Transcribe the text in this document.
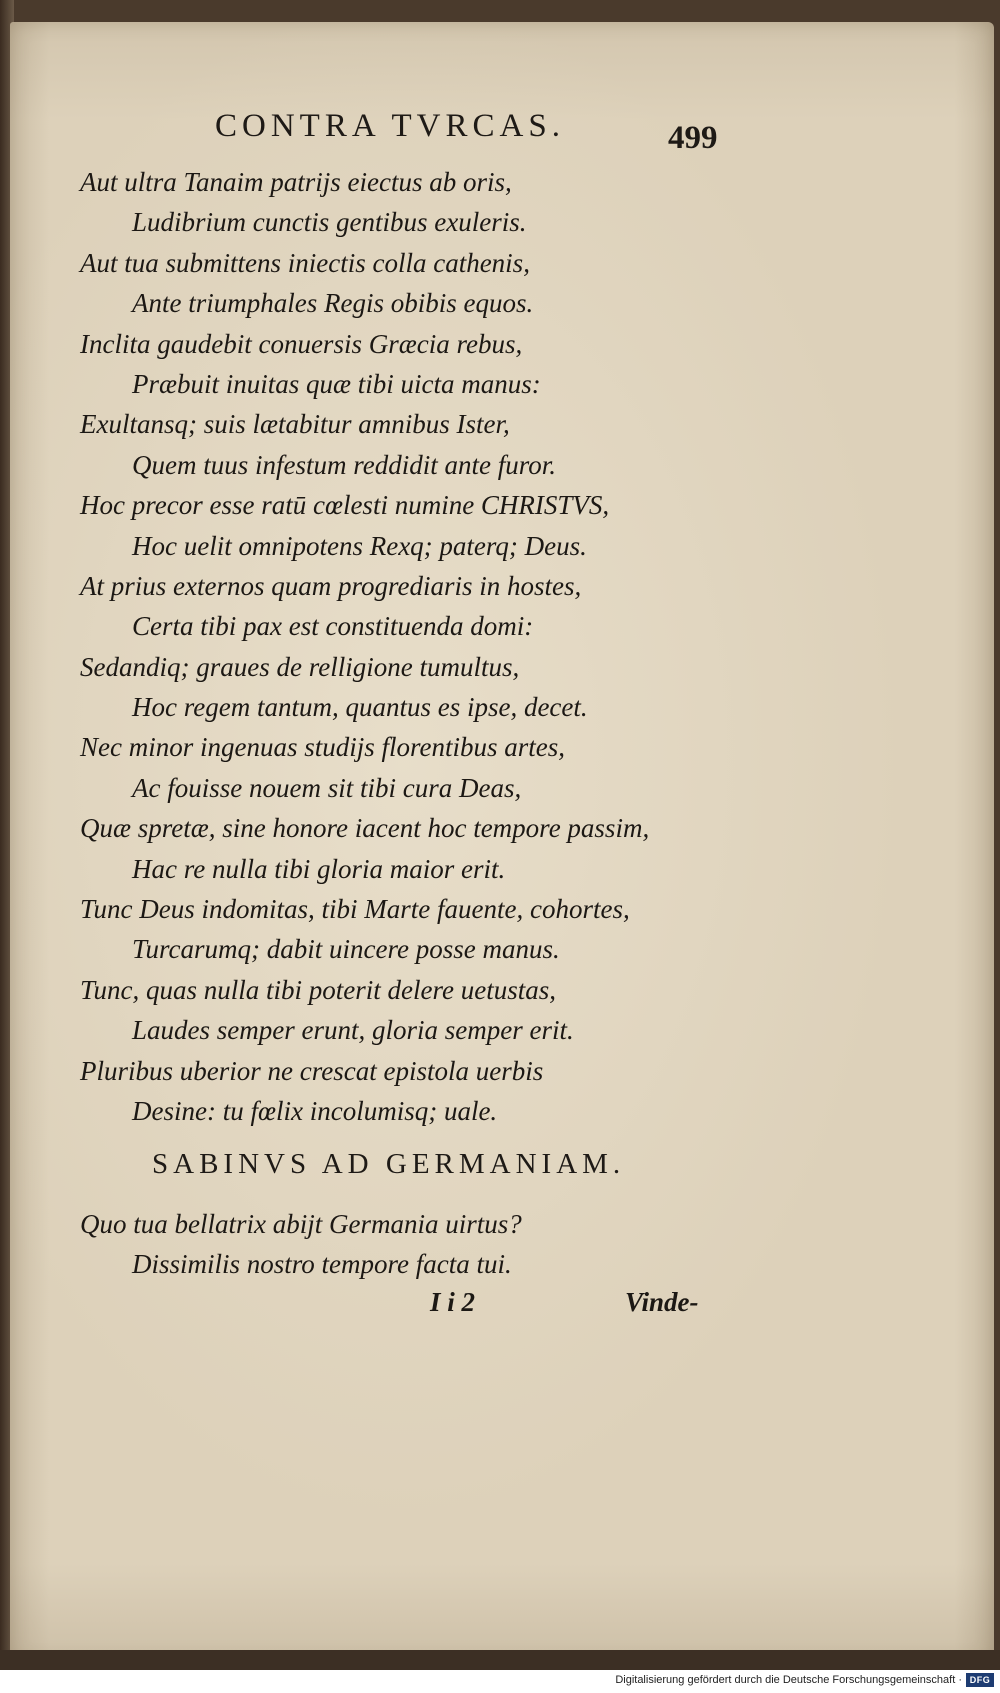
CONTRA TVRCAS.	499
Aut ultra Tanaim patrijs eiectus ab oris,
Ludibrium cunctis gentibus exuleris.
Aut tua submittens iniectis colla cathenis,
Ante triumphales Regis obibis equos.
Inclita gaudebit conuersis Græcia rebus,
Præbuit inuitas quæ tibi uicta manus:
Exultansq; suis lætabitur amnibus Ister,
Quem tuus infestum reddidit ante furor.
Hoc precor esse ratū cœlesti numine CHRISTVS,
Hoc uelit omnipotens Rexq; paterq; Deus.
At prius externos quam progrediaris in hostes,
Certa tibi pax est constituenda domi:
Sedandiq; graues de relligione tumultus,
Hoc regem tantum, quantus es ipse, decet.
Nec minor ingenuas studijs florentibus artes,
Ac fouisse nouem sit tibi cura Deas,
Quæ spretæ, sine honore iacent hoc tempore passim,
Hac re nulla tibi gloria maior erit.
Tunc Deus indomitas, tibi Marte fauente, cohortes,
Turcarumq; dabit uincere posse manus.
Tunc, quas nulla tibi poterit delere uetustas,
Laudes semper erunt, gloria semper erit.
Pluribus uberior ne crescat epistola uerbis
Desine: tu fœlix incolumisq; uale.
SABINVS AD GERMANIAM.
Quo tua bellatrix abijt Germania uirtus?
Dissimilis nostro tempore facta tui.
I i 2	Vinde-
Digitalisierung gefördert durch die Deutsche Forschungsgemeinschaft · DFG
